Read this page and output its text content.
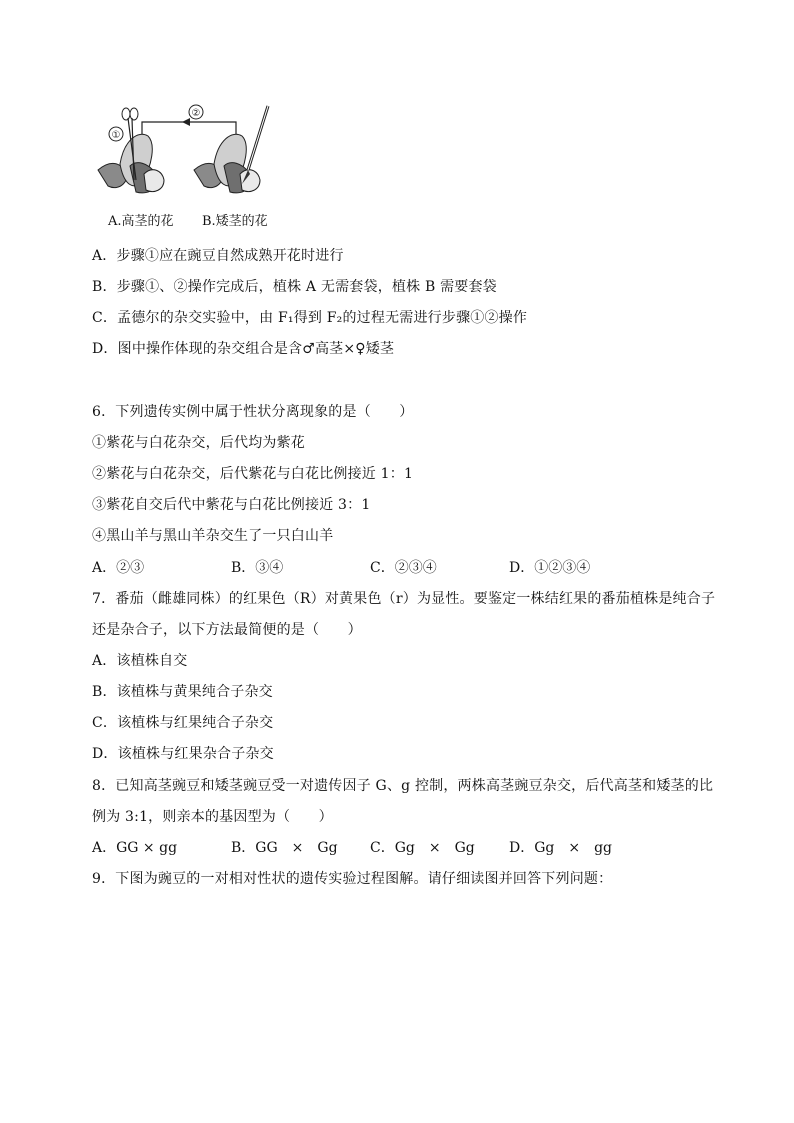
①
②
A.高茎的花 B.矮茎的花
A．步骤①应在豌豆自然成熟开花时进行
B．步骤①、②操作完成后，植株 A 无需套袋，植株 B 需要套袋
C．孟德尔的杂交实验中，由 F₁得到 F₂的过程无需进行步骤①②操作
D．图中操作体现的杂交组合是含♂高茎×♀矮茎
6．下列遗传实例中属于性状分离现象的是（　　）
①紫花与白花杂交，后代均为紫花
②紫花与白花杂交，后代紫花与白花比例接近 1：1
③紫花自交后代中紫花与白花比例接近 3：1
④黑山羊与黑山羊杂交生了一只白山羊
A．②③	B．③④	C．②③④	D．①②③④
7．番茄（雌雄同株）的红果色（R）对黄果色（r）为显性。要鉴定一株结红果的番茄植株是纯合子
还是杂合子，以下方法最简便的是（　　）
A．该植株自交
B．该植株与黄果纯合子杂交
C．该植株与红果纯合子杂交
D．该植株与红果杂合子杂交
8．已知高茎豌豆和矮茎豌豆受一对遗传因子 G、g 控制，两株高茎豌豆杂交，后代高茎和矮茎的比
例为 3:1，则亲本的基因型为（　　）
A．GG × gg	B．GG　×　Gg C．Gg　×　Gg D．Gg　×　gg
9．下图为豌豆的一对相对性状的遗传实验过程图解。请仔细读图并回答下列问题：
